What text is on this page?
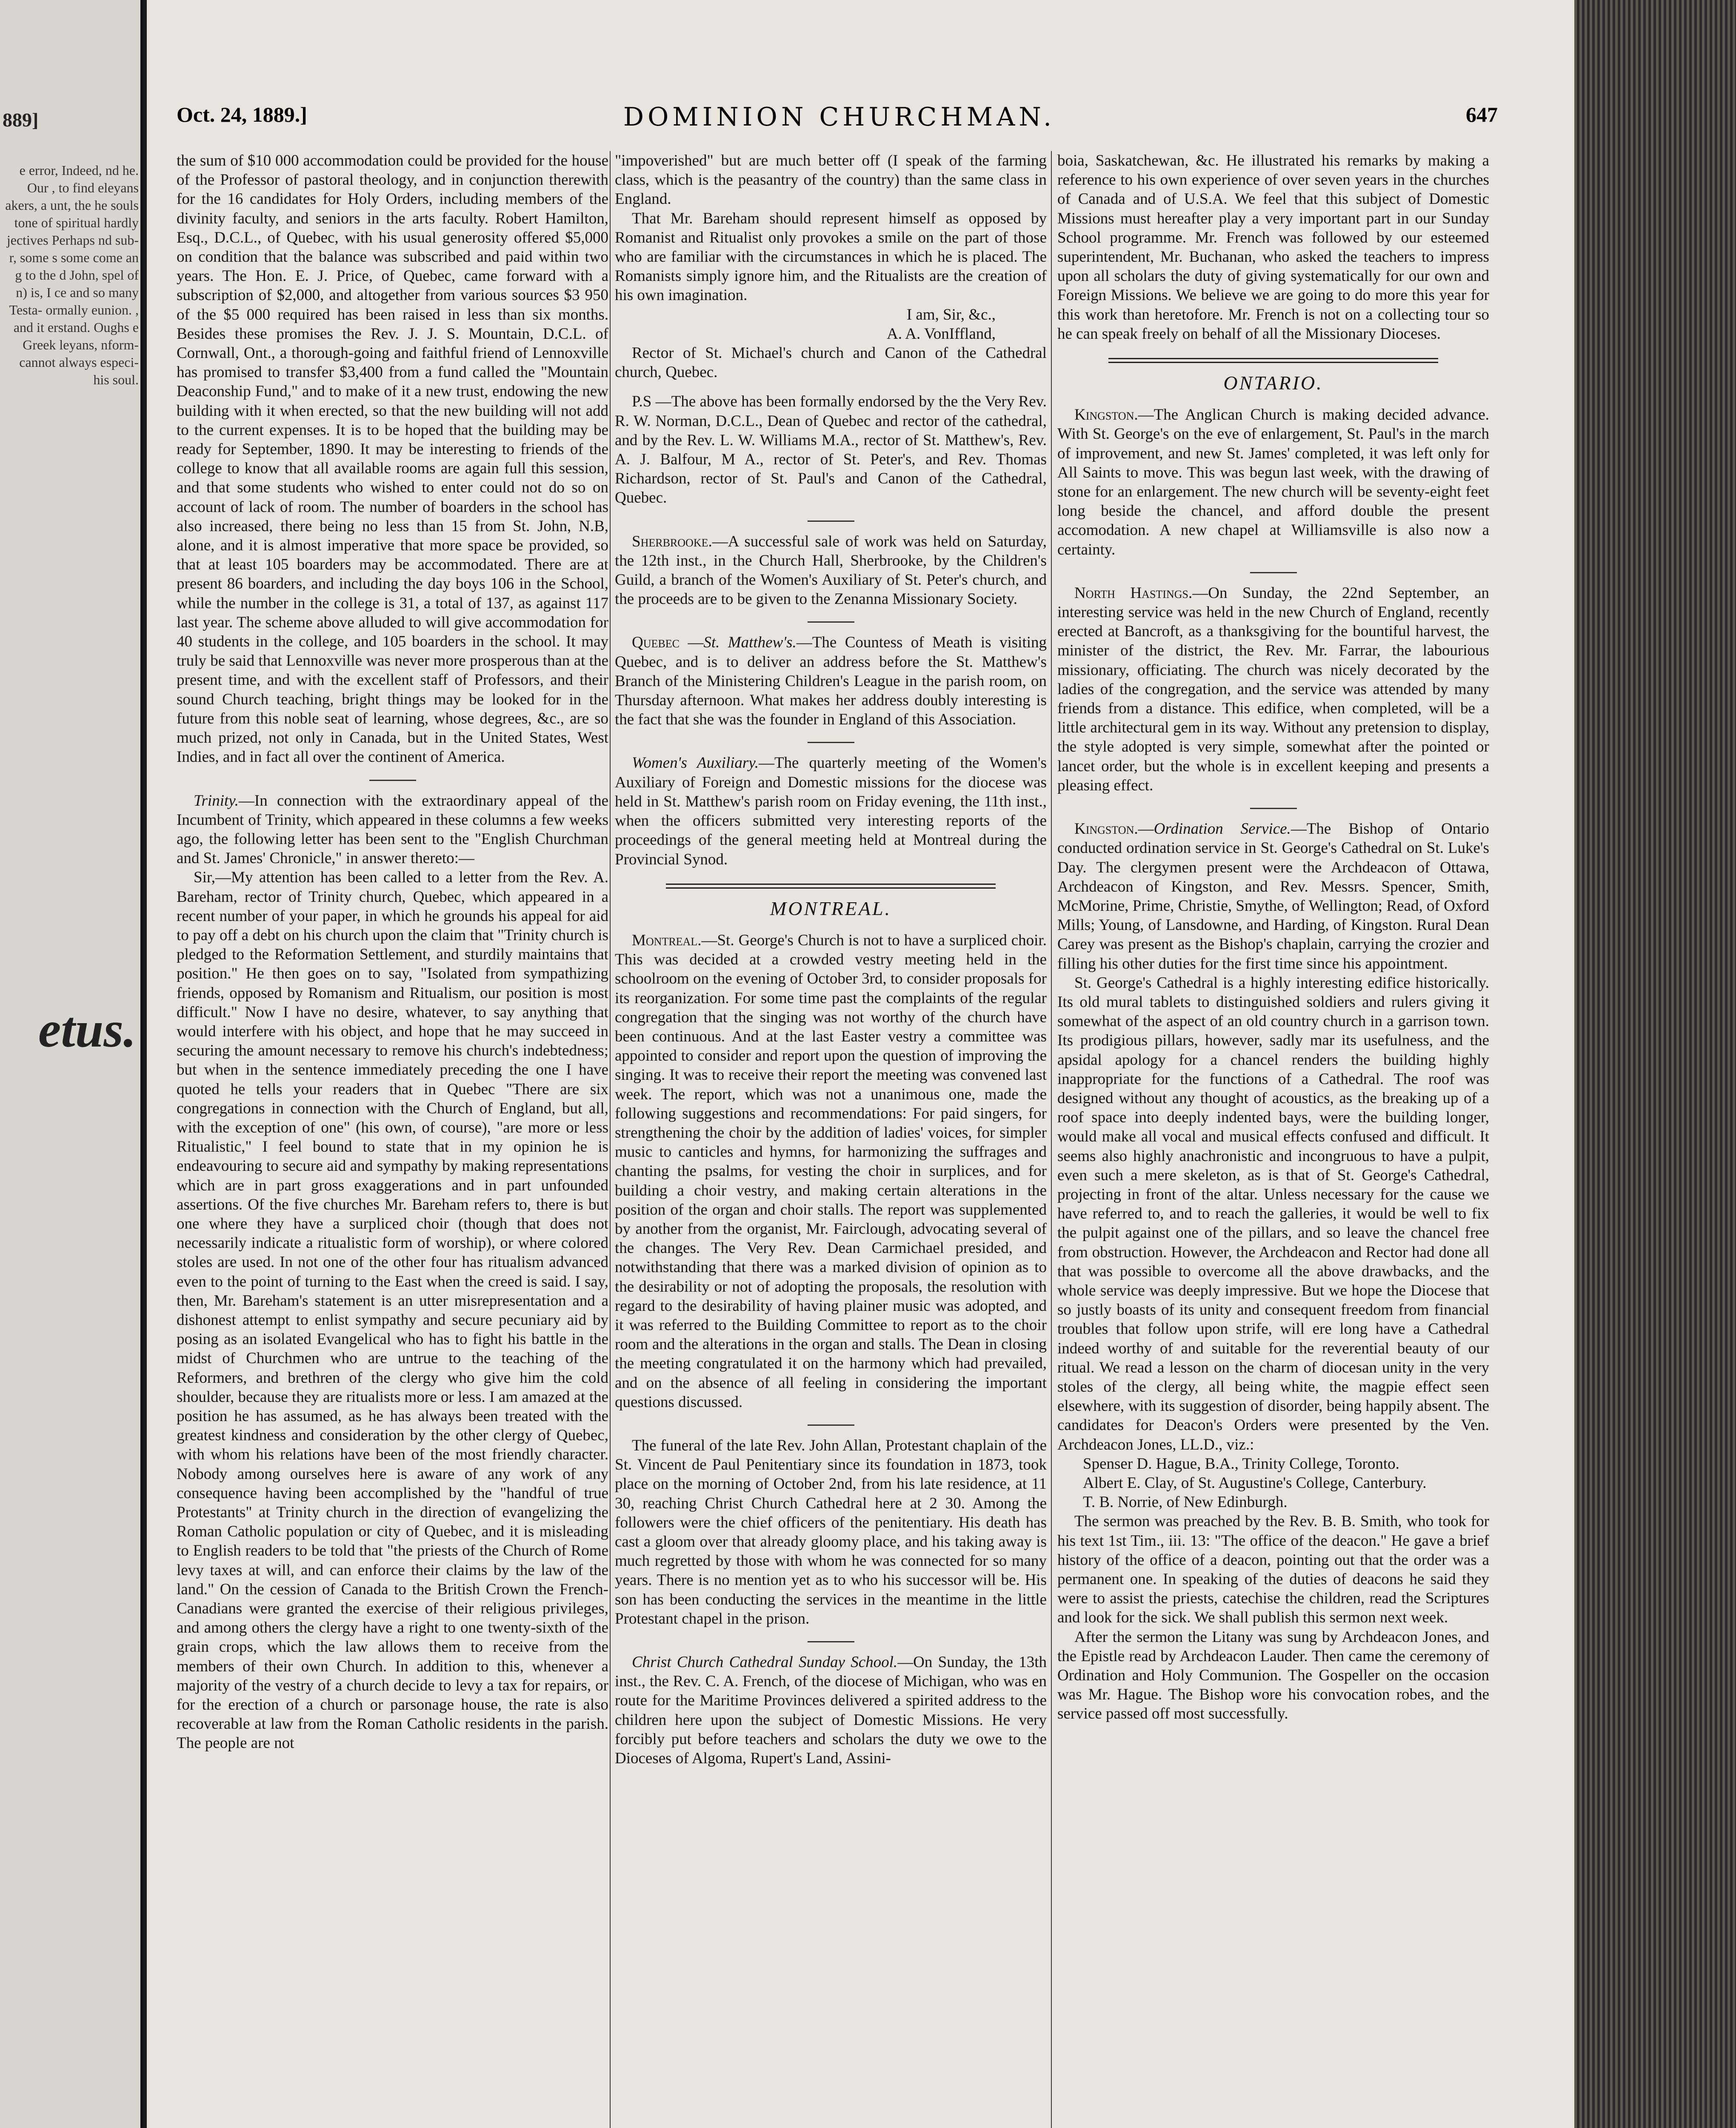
889]
e error, Indeed, nd he. Our , to find eleyans akers, a unt, the he souls tone of spiritual hardly jectives Perhaps nd sub- r, some s some come an g to the d John, spel of n) is, I ce and so many Testa- ormally eunion. , and it erstand. Oughs e Greek leyans, nform- cannot always especi- his soul.
etus.
Oct. 24, 1889.]	DOMINION CHURCHMAN.	647

the sum of $10 000 accommodation could be provided for the house of the Professor of pastoral theology, and in conjunction therewith for the 16 candidates for Holy Orders, including members of the divinity faculty, and seniors in the arts faculty. Robert Hamilton, Esq., D.C.L., of Quebec, with his usual generosity offered $5,000 on condition that the balance was subscribed and paid within two years. The Hon. E. J. Price, of Quebec, came forward with a subscription of $2,000, and altogether from various sources $3 950 of the $5 000 required has been raised in less than six months. Besides these promises the Rev. J. J. S. Mountain, D.C.L. of Cornwall, Ont., a thorough-going and faithful friend of Lennoxville has promised to transfer $3,400 from a fund called the "Mountain Deaconship Fund," and to make of it a new trust, endowing the new building with it when erected, so that the new building will not add to the current expenses. It is to be hoped that the building may be ready for September, 1890. It may be interesting to friends of the college to know that all available rooms are again full this session, and that some students who wished to enter could not do so on account of lack of room. The number of boarders in the school has also increased, there being no less than 15 from St. John, N.B, alone, and it is almost imperative that more space be provided, so that at least 105 boarders may be accommodated. There are at present 86 boarders, and including the day boys 106 in the School, while the number in the college is 31, a total of 137, as against 117 last year. The scheme above alluded to will give accommodation for 40 students in the college, and 105 boarders in the school. It may truly be said that Lennoxville was never more prosperous than at the present time, and with the excellent staff of Professors, and their sound Church teaching, bright things may be looked for in the future from this noble seat of learning, whose degrees, &c., are so much prized, not only in Canada, but in the United States, West Indies, and in fact all over the continent of America.

Trinity.—In connection with the extraordinary appeal of the Incumbent of Trinity, which appeared in these columns a few weeks ago, the following letter has been sent to the "English Churchman and St. James' Chronicle," in answer thereto:—

Sir,—My attention has been called to a letter from the Rev. A. Bareham, rector of Trinity church, Quebec, which appeared in a recent number of your paper, in which he grounds his appeal for aid to pay off a debt on his church upon the claim that "Trinity church is pledged to the Reformation Settlement, and sturdily maintains that position." He then goes on to say, "Isolated from sympathizing friends, opposed by Romanism and Ritualism, our position is most difficult." Now I have no desire, whatever, to say anything that would interfere with his object, and hope that he may succeed in securing the amount necessary to remove his church's indebtedness; but when in the sentence immediately preceding the one I have quoted he tells your readers that in Quebec "There are six congregations in connection with the Church of England, but all, with the exception of one" (his own, of course), "are more or less Ritualistic," I feel bound to state that in my opinion he is endeavouring to secure aid and sympathy by making representations which are in part gross exaggerations and in part unfounded assertions. Of the five churches Mr. Bareham refers to, there is but one where they have a surpliced choir (though that does not necessarily indicate a ritualistic form of worship), or where colored stoles are used. In not one of the other four has ritualism advanced even to the point of turning to the East when the creed is said. I say, then, Mr. Bareham's statement is an utter misrepresentation and a dishonest attempt to enlist sympathy and secure pecuniary aid by posing as an isolated Evangelical who has to fight his battle in the midst of Churchmen who are untrue to the teaching of the Reformers, and brethren of the clergy who give him the cold shoulder, because they are ritualists more or less. I am amazed at the position he has assumed, as he has always been treated with the greatest kindness and consideration by the other clergy of Quebec, with whom his relations have been of the most friendly character. Nobody among ourselves here is aware of any work of any consequence having been accomplished by the "handful of true Protestants" at Trinity church in the direction of evangelizing the Roman Catholic population or city of Quebec, and it is misleading to English readers to be told that "the priests of the Church of Rome levy taxes at will, and can enforce their claims by the law of the land." On the cession of Canada to the British Crown the French-Canadians were granted the exercise of their religious privileges, and among others the clergy have a right to one twenty-sixth of the grain crops, which the law allows them to receive from the members of their own Church. In addition to this, whenever a majority of the vestry of a church decide to levy a tax for repairs, or for the erection of a church or parsonage house, the rate is also recoverable at law from the Roman Catholic residents in the parish. The people are not

"impoverished" but are much better off (I speak of the farming class, which is the peasantry of the country) than the same class in England.

That Mr. Bareham should represent himself as opposed by Romanist and Ritualist only provokes a smile on the part of those who are familiar with the circumstances in which he is placed. The Romanists simply ignore him, and the Ritualists are the creation of his own imagination.

I am, Sir, &c.,

A. A. VonIffland,

Rector of St. Michael's church and Canon of the Cathedral church, Quebec.

P.S —The above has been formally endorsed by the the Very Rev. R. W. Norman, D.C.L., Dean of Quebec and rector of the cathedral, and by the Rev. L. W. Williams M.A., rector of St. Matthew's, Rev. A. J. Balfour, M A., rector of St. Peter's, and Rev. Thomas Richardson, rector of St. Paul's and Canon of the Cathedral, Quebec.

Sherbrooke.—A successful sale of work was held on Saturday, the 12th inst., in the Church Hall, Sherbrooke, by the Children's Guild, a branch of the Women's Auxiliary of St. Peter's church, and the proceeds are to be given to the Zenanna Missionary Society.

Quebec —St. Matthew's.—The Countess of Meath is visiting Quebec, and is to deliver an address before the St. Matthew's Branch of the Ministering Children's League in the parish room, on Thursday afternoon. What makes her address doubly interesting is the fact that she was the founder in England of this Association.

Women's Auxiliary.—The quarterly meeting of the Women's Auxiliary of Foreign and Domestic missions for the diocese was held in St. Matthew's parish room on Friday evening, the 11th inst., when the officers submitted very interesting reports of the proceedings of the general meeting held at Montreal during the Provincial Synod.

MONTREAL.

Montreal.—St. George's Church is not to have a surpliced choir. This was decided at a crowded vestry meeting held in the schoolroom on the evening of October 3rd, to consider proposals for its reorganization. For some time past the complaints of the regular congregation that the singing was not worthy of the church have been continuous. And at the last Easter vestry a committee was appointed to consider and report upon the question of improving the singing. It was to receive their report the meeting was convened last week. The report, which was not a unanimous one, made the following suggestions and recommendations: For paid singers, for strengthening the choir by the addition of ladies' voices, for simpler music to canticles and hymns, for harmonizing the suffrages and chanting the psalms, for vesting the choir in surplices, and for building a choir vestry, and making certain alterations in the position of the organ and choir stalls. The report was supplemented by another from the organist, Mr. Fairclough, advocating several of the changes. The Very Rev. Dean Carmichael presided, and notwithstanding that there was a marked division of opinion as to the desirability or not of adopting the proposals, the resolution with regard to the desirability of having plainer music was adopted, and it was referred to the Building Committee to report as to the choir room and the alterations in the organ and stalls. The Dean in closing the meeting congratulated it on the harmony which had prevailed, and on the absence of all feeling in considering the important questions discussed.

The funeral of the late Rev. John Allan, Protestant chaplain of the St. Vincent de Paul Penitentiary since its foundation in 1873, took place on the morning of October 2nd, from his late residence, at 11 30, reaching Christ Church Cathedral here at 2 30. Among the followers were the chief officers of the penitentiary. His death has cast a gloom over that already gloomy place, and his taking away is much regretted by those with whom he was connected for so many years. There is no mention yet as to who his successor will be. His son has been conducting the services in the meantime in the little Protestant chapel in the prison.

Christ Church Cathedral Sunday School.—On Sunday, the 13th inst., the Rev. C. A. French, of the diocese of Michigan, who was en route for the Maritime Provinces delivered a spirited address to the children here upon the subject of Domestic Missions. He very forcibly put before teachers and scholars the duty we owe to the Dioceses of Algoma, Rupert's Land, Assini-

boia, Saskatchewan, &c. He illustrated his remarks by making a reference to his own experience of over seven years in the churches of Canada and of U.S.A. We feel that this subject of Domestic Missions must hereafter play a very important part in our Sunday School programme. Mr. French was followed by our esteemed superintendent, Mr. Buchanan, who asked the teachers to impress upon all scholars the duty of giving systematically for our own and Foreign Missions. We believe we are going to do more this year for this work than heretofore. Mr. French is not on a collecting tour so he can speak freely on behalf of all the Missionary Dioceses.

ONTARIO.

Kingston.—The Anglican Church is making decided advance. With St. George's on the eve of enlargement, St. Paul's in the march of improvement, and new St. James' completed, it was left only for All Saints to move. This was begun last week, with the drawing of stone for an enlargement. The new church will be seventy-eight feet long beside the chancel, and afford double the present accomodation. A new chapel at Williamsville is also now a certainty.

North Hastings.—On Sunday, the 22nd September, an interesting service was held in the new Church of England, recently erected at Bancroft, as a thanksgiving for the bountiful harvest, the minister of the district, the Rev. Mr. Farrar, the labourious missionary, officiating. The church was nicely decorated by the ladies of the congregation, and the service was attended by many friends from a distance. This edifice, when completed, will be a little architectural gem in its way. Without any pretension to display, the style adopted is very simple, somewhat after the pointed or lancet order, but the whole is in excellent keeping and presents a pleasing effect.

Kingston.—Ordination Service.—The Bishop of Ontario conducted ordination service in St. George's Cathedral on St. Luke's Day. The clergymen present were the Archdeacon of Ottawa, Archdeacon of Kingston, and Rev. Messrs. Spencer, Smith, McMorine, Prime, Christie, Smythe, of Wellington; Read, of Oxford Mills; Young, of Lansdowne, and Harding, of Kingston. Rural Dean Carey was present as the Bishop's chaplain, carrying the crozier and filling his other duties for the first time since his appointment.

St. George's Cathedral is a highly interesting edifice historically. Its old mural tablets to distinguished soldiers and rulers giving it somewhat of the aspect of an old country church in a garrison town. Its prodigious pillars, however, sadly mar its usefulness, and the apsidal apology for a chancel renders the building highly inappropriate for the functions of a Cathedral. The roof was designed without any thought of acoustics, as the breaking up of a roof space into deeply indented bays, were the building longer, would make all vocal and musical effects confused and difficult. It seems also highly anachronistic and incongruous to have a pulpit, even such a mere skeleton, as is that of St. George's Cathedral, projecting in front of the altar. Unless necessary for the cause we have referred to, and to reach the galleries, it would be well to fix the pulpit against one of the pillars, and so leave the chancel free from obstruction. However, the Archdeacon and Rector had done all that was possible to overcome all the above drawbacks, and the whole service was deeply impressive. But we hope the Diocese that so justly boasts of its unity and consequent freedom from financial troubles that follow upon strife, will ere long have a Cathedral indeed worthy of and suitable for the reverential beauty of our ritual. We read a lesson on the charm of diocesan unity in the very stoles of the clergy, all being white, the magpie effect seen elsewhere, with its suggestion of disorder, being happily absent. The candidates for Deacon's Orders were presented by the Ven. Archdeacon Jones, LL.D., viz.:

Spenser D. Hague, B.A., Trinity College, Toronto.

Albert E. Clay, of St. Augustine's College, Canterbury.

T. B. Norrie, of New Edinburgh.

The sermon was preached by the Rev. B. B. Smith, who took for his text 1st Tim., iii. 13: "The office of the deacon." He gave a brief history of the office of a deacon, pointing out that the order was a permanent one. In speaking of the duties of deacons he said they were to assist the priests, catechise the children, read the Scriptures and look for the sick. We shall publish this sermon next week.

After the sermon the Litany was sung by Archdeacon Jones, and the Epistle read by Archdeacon Lauder. Then came the ceremony of Ordination and Holy Communion. The Gospeller on the occasion was Mr. Hague. The Bishop wore his convocation robes, and the service passed off most successfully.
